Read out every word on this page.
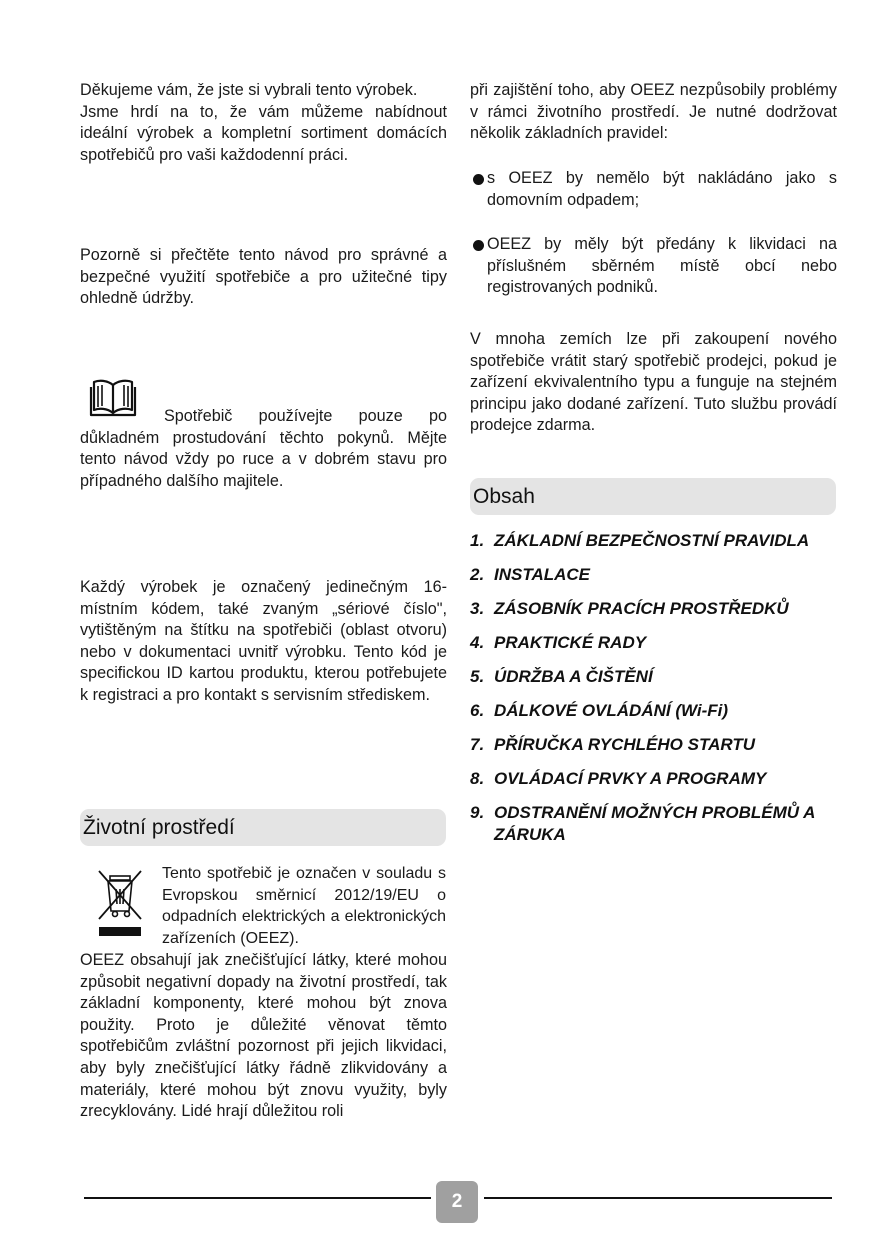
Děkujeme vám, že jste si vybrali tento výrobek.

Jsme hrdí na to, že vám můžeme nabídnout ideální výrobek a kompletní sortiment domácích spotřebičů pro vaši každodenní práci.

Pozorně si přečtěte tento návod pro správné a bezpečné využití spotřebiče a pro užitečné tipy ohledně údržby.

Spotřebič používejte pouze po důkladném prostudování těchto pokynů. Mějte tento návod vždy po ruce a v dobrém stavu pro případného dalšího majitele.

Každý výrobek je označený jedinečným 16-místním kódem, také zvaným „sériové číslo", vytištěným na štítku na spotřebiči (oblast otvoru) nebo v dokumentaci uvnitř výrobku. Tento kód je specifickou ID kartou produktu, kterou potřebujete k registraci a pro kontakt s servisním střediskem.

Životní prostředí

Tento spotřebič je označen v souladu s Evropskou směrnicí 2012/19/EU o odpadních elektrických a elektronických zařízeních (OEEZ).

OEEZ obsahují jak znečišťující látky, které mohou způsobit negativní dopady na životní prostředí, tak základní komponenty, které mohou být znova použity. Proto je důležité věnovat těmto spotřebičům zvláštní pozornost při jejich likvidaci, aby byly znečišťující látky řádně zlikvidovány a materiály, které mohou být znovu využity, byly zrecyklovány. Lidé hrají důležitou roli

při zajištění toho, aby OEEZ nezpůsobily problémy v rámci životního prostředí. Je nutné dodržovat několik základních pravidel:

s OEEZ by nemělo být nakládáno jako s domovním odpadem;

OEEZ by měly být předány k likvidaci na příslušném sběrném místě obcí nebo registrovaných podniků.

V mnoha zemích lze při zakoupení nového spotřebiče vrátit starý spotřebič prodejci, pokud je zařízení ekvivalentního typu a funguje na stejném principu jako dodané zařízení. Tuto službu provádí prodejce zdarma.

Obsah
1. ZÁKLADNÍ BEZPEČNOSTNÍ PRAVIDLA
2. INSTALACE
3. ZÁSOBNÍK PRACÍCH PROSTŘEDKŮ
4. PRAKTICKÉ RADY
5. ÚDRŽBA A ČIŠTĚNÍ
6. DÁLKOVÉ OVLÁDÁNÍ (Wi-Fi)
7. PŘÍRUČKA RYCHLÉHO STARTU
8. OVLÁDACÍ PRVKY A PROGRAMY
9. ODSTRANĚNÍ MOŽNÝCH PROBLÉMŮ A ZÁRUKA
2
